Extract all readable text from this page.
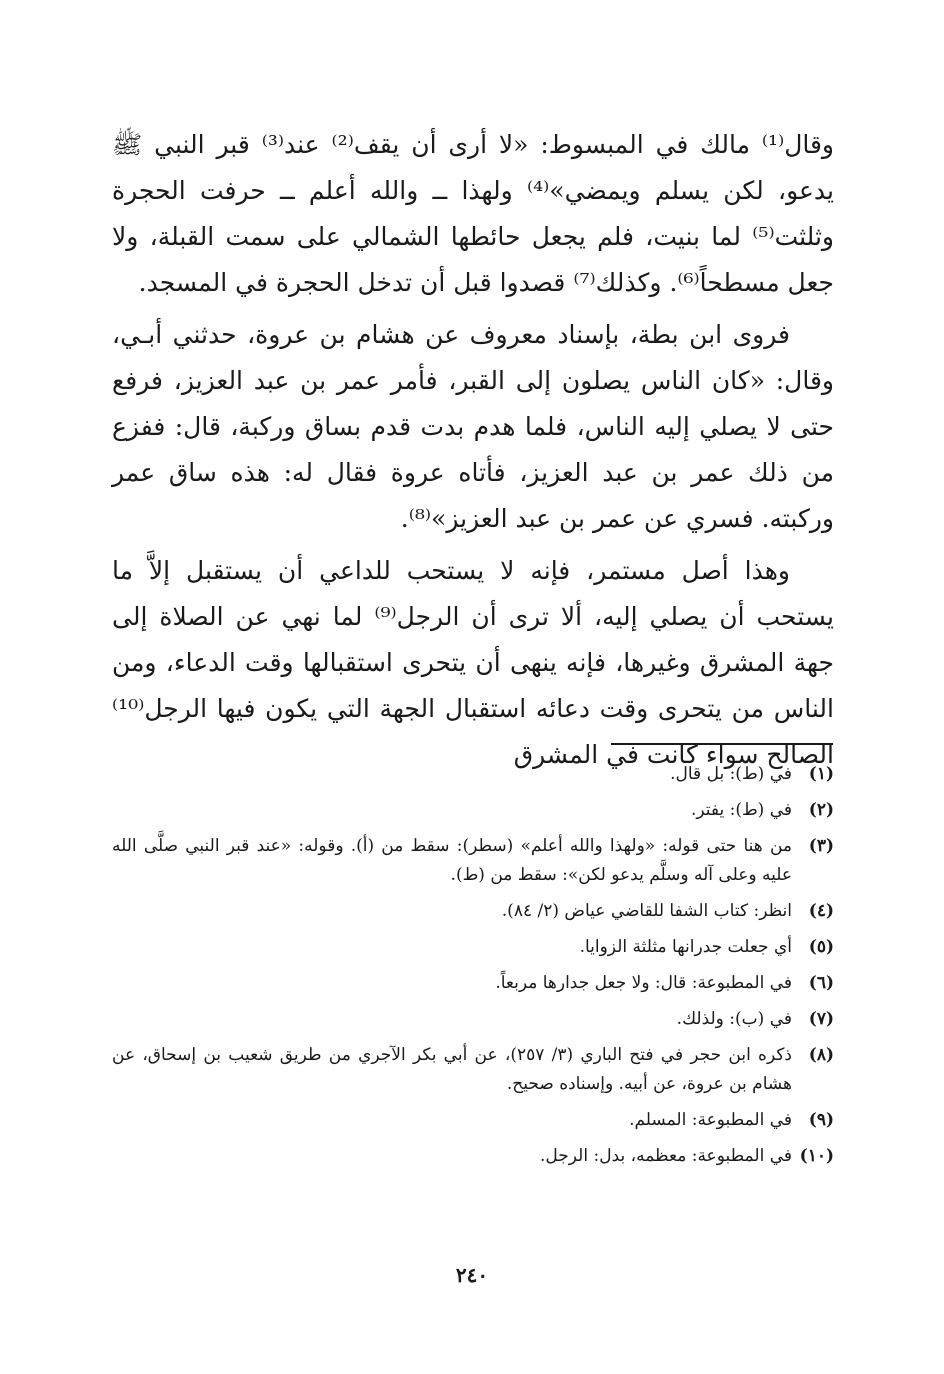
وقال⁽¹⁾ مالك في المبسوط: «لا أرى أن يقف⁽²⁾ عند⁽³⁾ قبر النبي ﷺ يدعو، لكن يسلم ويمضي»⁽⁴⁾ ولهذا ــ والله أعلم ــ حرفت الحجرة وثلثت⁽⁵⁾ لما بنيت، فلم يجعل حائطها الشمالي على سمت القبلة، ولا جعل مسطحاً⁽⁶⁾. وكذلك⁽⁷⁾ قصدوا قبل أن تدخل الحجرة في المسجد.

فروى ابن بطة، بإسناد معروف عن هشام بن عروة، حدثني أبـي، وقال: «كان الناس يصلون إلى القبر، فأمر عمر بن عبد العزيز، فرفع حتى لا يصلي إليه الناس، فلما هدم بدت قدم بساق وركبة، قال: ففزع من ذلك عمر بن عبد العزيز، فأتاه عروة فقال له: هذه ساق عمر وركبته. فسري عن عمر بن عبد العزيز»⁽⁸⁾.

وهذا أصل مستمر، فإنه لا يستحب للداعي أن يستقبل إلاَّ ما يستحب أن يصلي إليه، ألا ترى أن الرجل⁽⁹⁾ لما نهي عن الصلاة إلى جهة المشرق وغيرها، فإنه ينهى أن يتحرى استقبالها وقت الدعاء، ومن الناس من يتحرى وقت دعائه استقبال الجهة التي يكون فيها الرجل⁽¹⁰⁾ الصالح سواء كانت في المشرق

(١)
في (ط): بل قال.
(٢)
في (ط): يفتر.
(٣)
من هنا حتى قوله: «ولهذا والله أعلم» (سطر): سقط من (أ). وقوله: «عند قبر النبي صلَّى الله عليه وعلى آله وسلَّم يدعو لكن»: سقط من (ط).
(٤)
انظر: كتاب الشفا للقاضي عياض (٢/ ٨٤).
(٥)
أي جعلت جدرانها مثلثة الزوايا.
(٦)
في المطبوعة: قال: ولا جعل جدارها مربعاً.
(٧)
في (ب): ولذلك.
(٨)
ذكره ابن حجر في فتح الباري (٣/ ٢٥٧)، عن أبي بكر الآجري من طريق شعيب بن إسحاق، عن هشام بن عروة، عن أبيه. وإسناده صحيح.
(٩)
في المطبوعة: المسلم.
(١٠)
في المطبوعة: معظمه، بدل: الرجل.
٢٤٠
